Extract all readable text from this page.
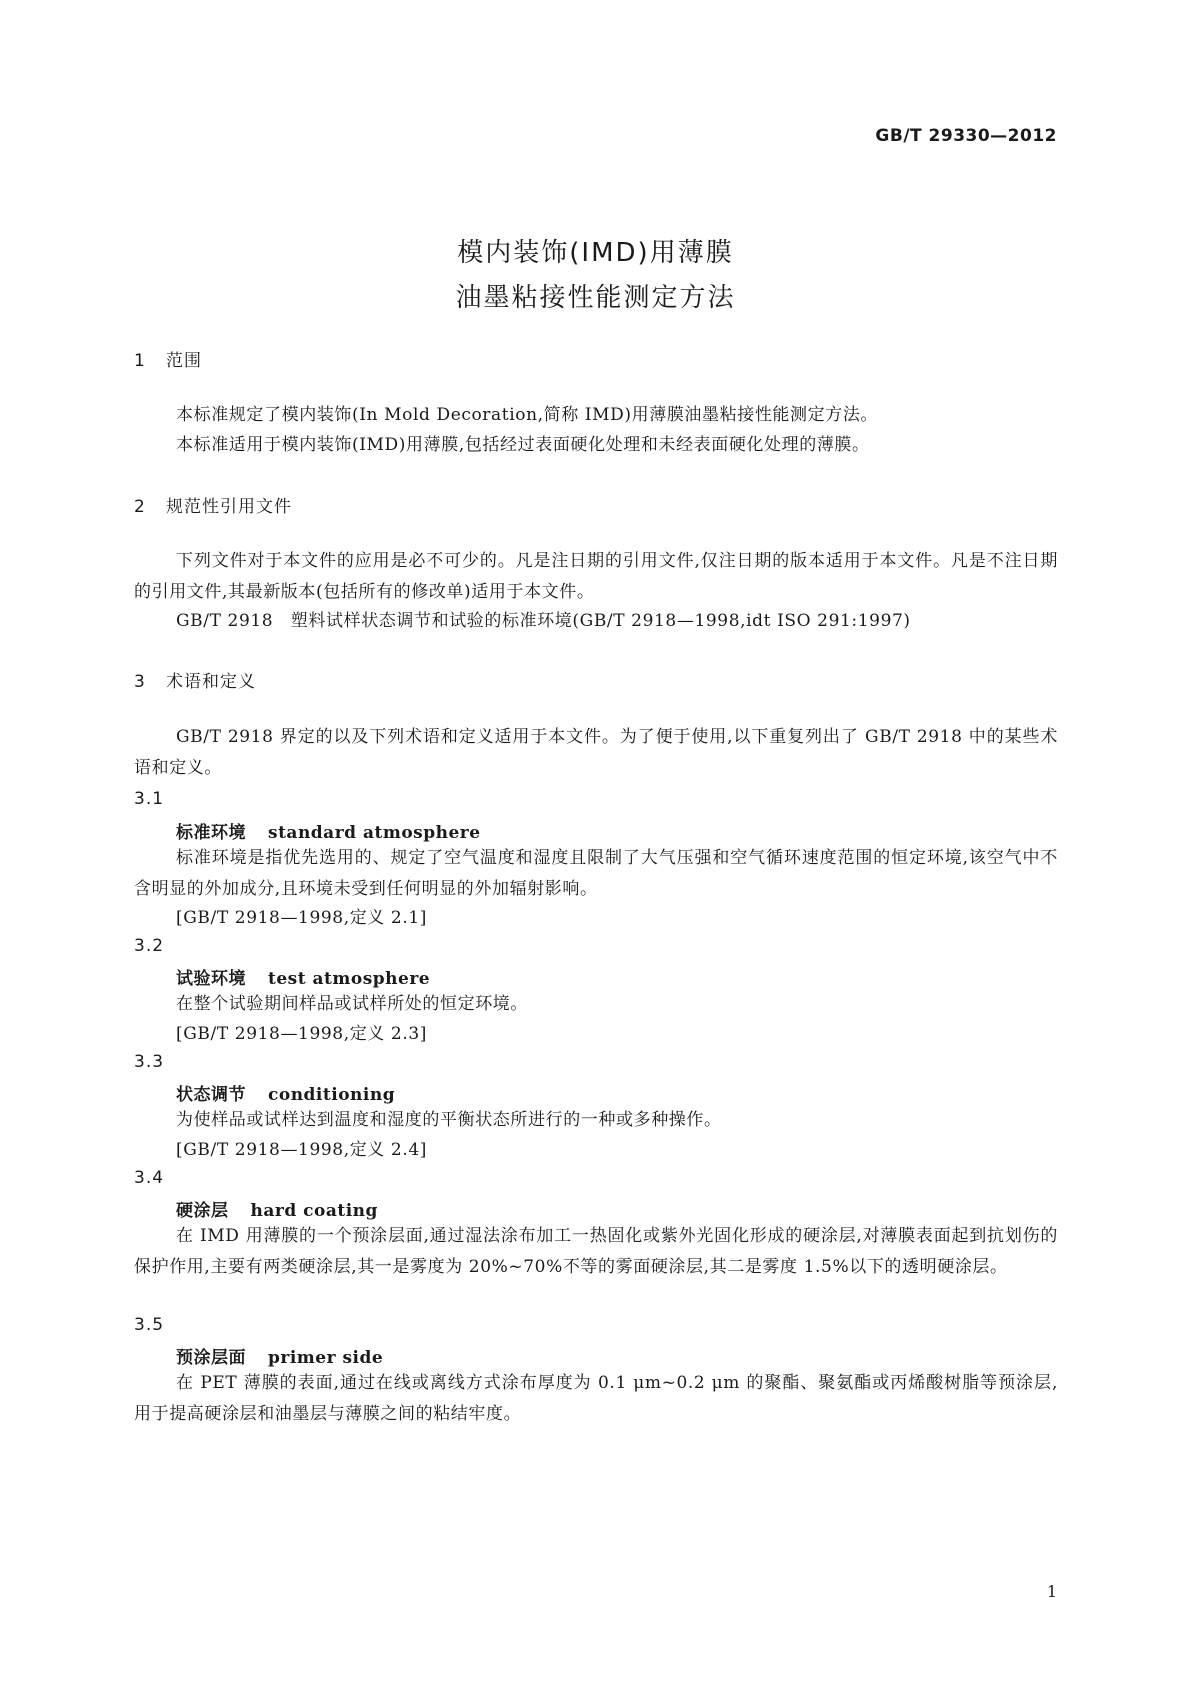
GB/T 29330—2012
模内装饰(IMD)用薄膜
油墨粘接性能测定方法
1 范围

本标准规定了模内装饰(In Mold Decoration,简称 IMD)用薄膜油墨粘接性能测定方法。

本标准适用于模内装饰(IMD)用薄膜,包括经过表面硬化处理和未经表面硬化处理的薄膜。

2 规范性引用文件

下列文件对于本文件的应用是必不可少的。凡是注日期的引用文件,仅注日期的版本适用于本文件。凡是不注日期的引用文件,其最新版本(包括所有的修改单)适用于本文件。

GB/T 2918　塑料试样状态调节和试验的标准环境(GB/T 2918—1998,idt ISO 291:1997)

3 术语和定义

GB/T 2918 界定的以及下列术语和定义适用于本文件。为了便于使用,以下重复列出了 GB/T 2918 中的某些术语和定义。

3.1
标准环境 standard atmosphere

标准环境是指优先选用的、规定了空气温度和湿度且限制了大气压强和空气循环速度范围的恒定环境,该空气中不含明显的外加成分,且环境未受到任何明显的外加辐射影响。

[GB/T 2918—1998,定义 2.1]

3.2
试验环境 test atmosphere

在整个试验期间样品或试样所处的恒定环境。

[GB/T 2918—1998,定义 2.3]

3.3
状态调节 conditioning

为使样品或试样达到温度和湿度的平衡状态所进行的一种或多种操作。

[GB/T 2918—1998,定义 2.4]

3.4
硬涂层 hard coating

在 IMD 用薄膜的一个预涂层面,通过湿法涂布加工一热固化或紫外光固化形成的硬涂层,对薄膜表面起到抗划伤的保护作用,主要有两类硬涂层,其一是雾度为 20%~70%不等的雾面硬涂层,其二是雾度 1.5%以下的透明硬涂层。

3.5
预涂层面 primer side

在 PET 薄膜的表面,通过在线或离线方式涂布厚度为 0.1 μm~0.2 μm 的聚酯、聚氨酯或丙烯酸树脂等预涂层,用于提高硬涂层和油墨层与薄膜之间的粘结牢度。

1
